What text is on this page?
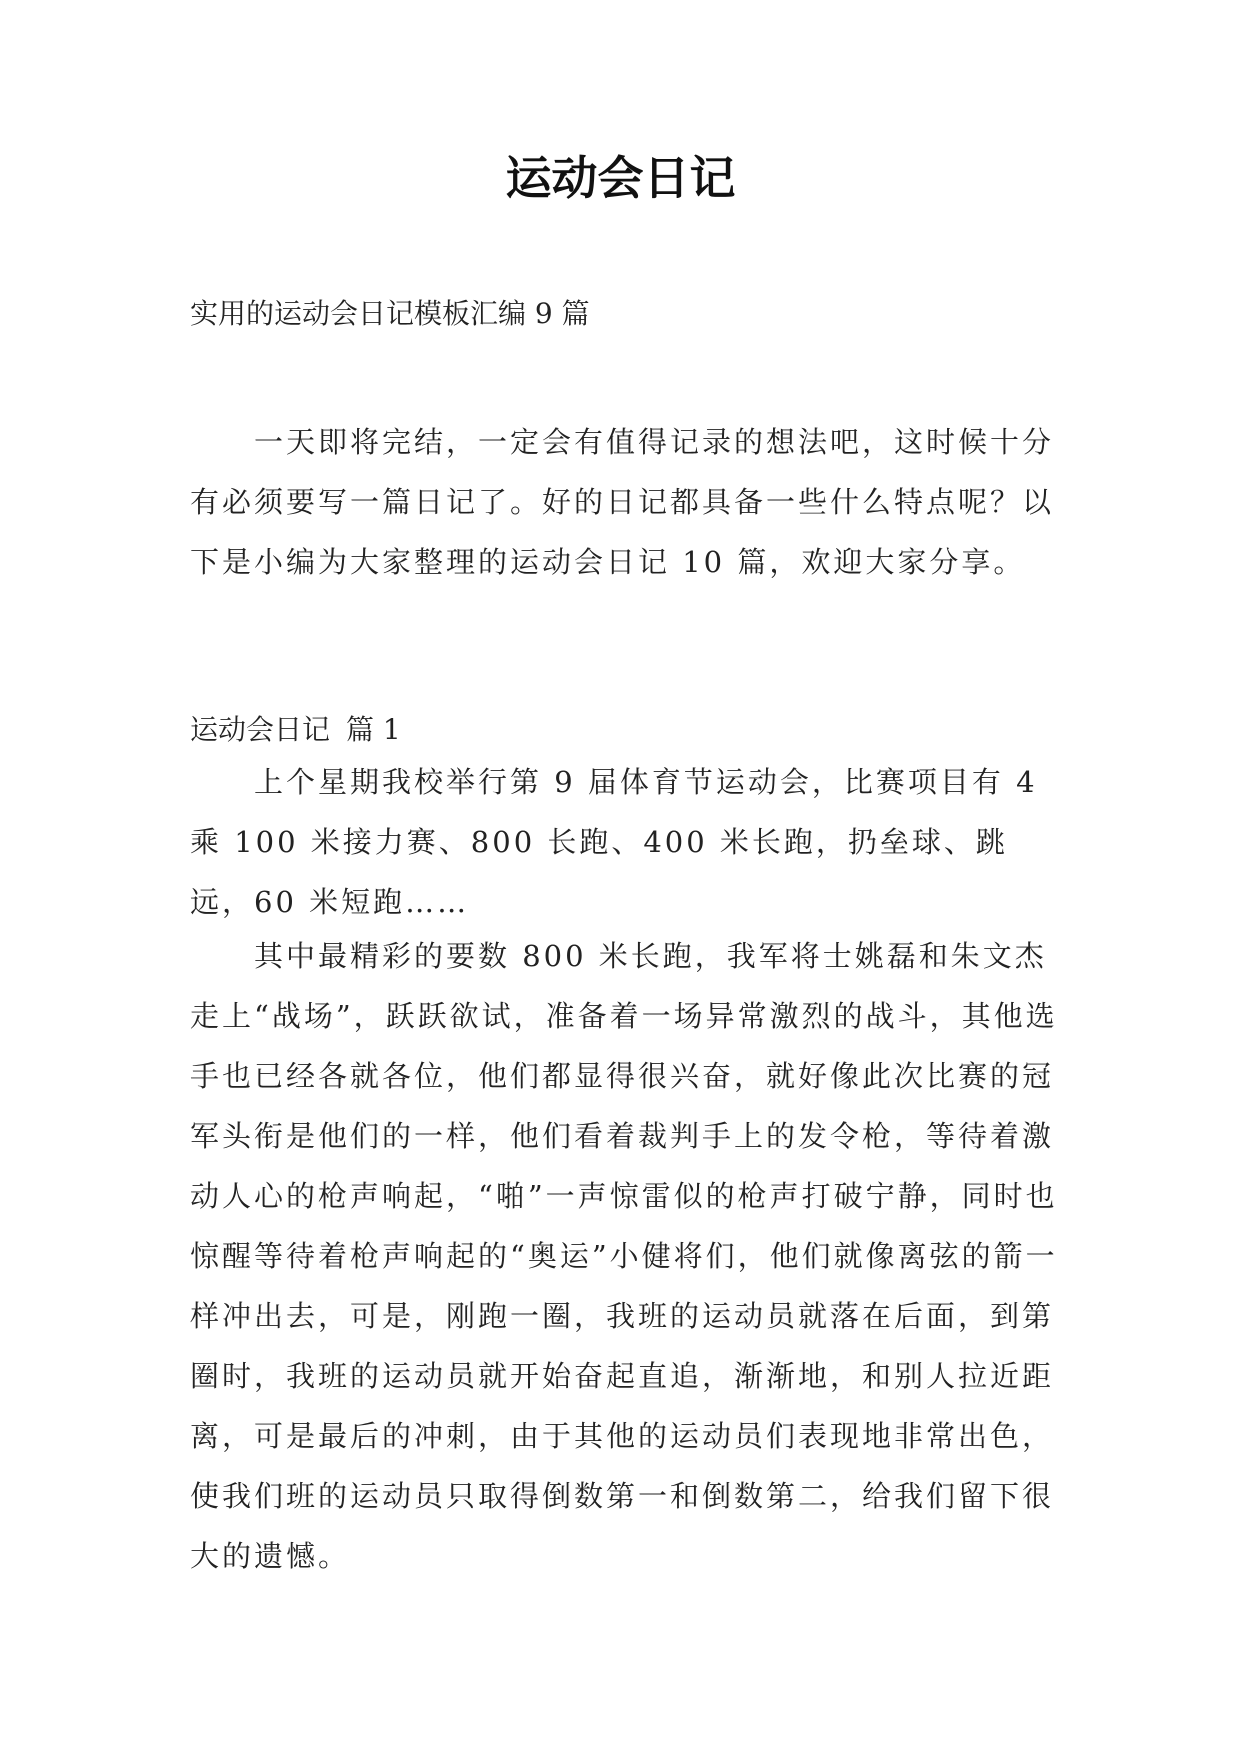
运动会日记

实用的运动会日记模板汇编 9 篇

一天即将完结，一定会有值得记录的想法吧，这时候十分有必须要写一篇日记了。好的日记都具备一些什么特点呢？以下是小编为大家整理的运动会日记 10 篇，欢迎大家分享。

运动会日记 篇 1

上个星期我校举行第 9 届体育节运动会，比赛项目有 4 乘 100 米接力赛、800 长跑、400 米长跑，扔垒球、跳远，60 米短跑……

其中最精彩的要数 800 米长跑，我军将士姚磊和朱文杰走上“战场”，跃跃欲试，准备着一场异常激烈的战斗，其他选手也已经各就各位，他们都显得很兴奋，就好像此次比赛的冠军头衔是他们的一样，他们看着裁判手上的发令枪，等待着激动人心的枪声响起，“啪”一声惊雷似的枪声打破宁静，同时也惊醒等待着枪声响起的“奥运”小健将们，他们就像离弦的箭一样冲出去，可是，刚跑一圈，我班的运动员就落在后面，到第圈时，我班的运动员就开始奋起直追，渐渐地，和别人拉近距离，可是最后的冲刺，由于其他的运动员们表现地非常出色，使我们班的运动员只取得倒数第一和倒数第二，给我们留下很大的遗憾。
